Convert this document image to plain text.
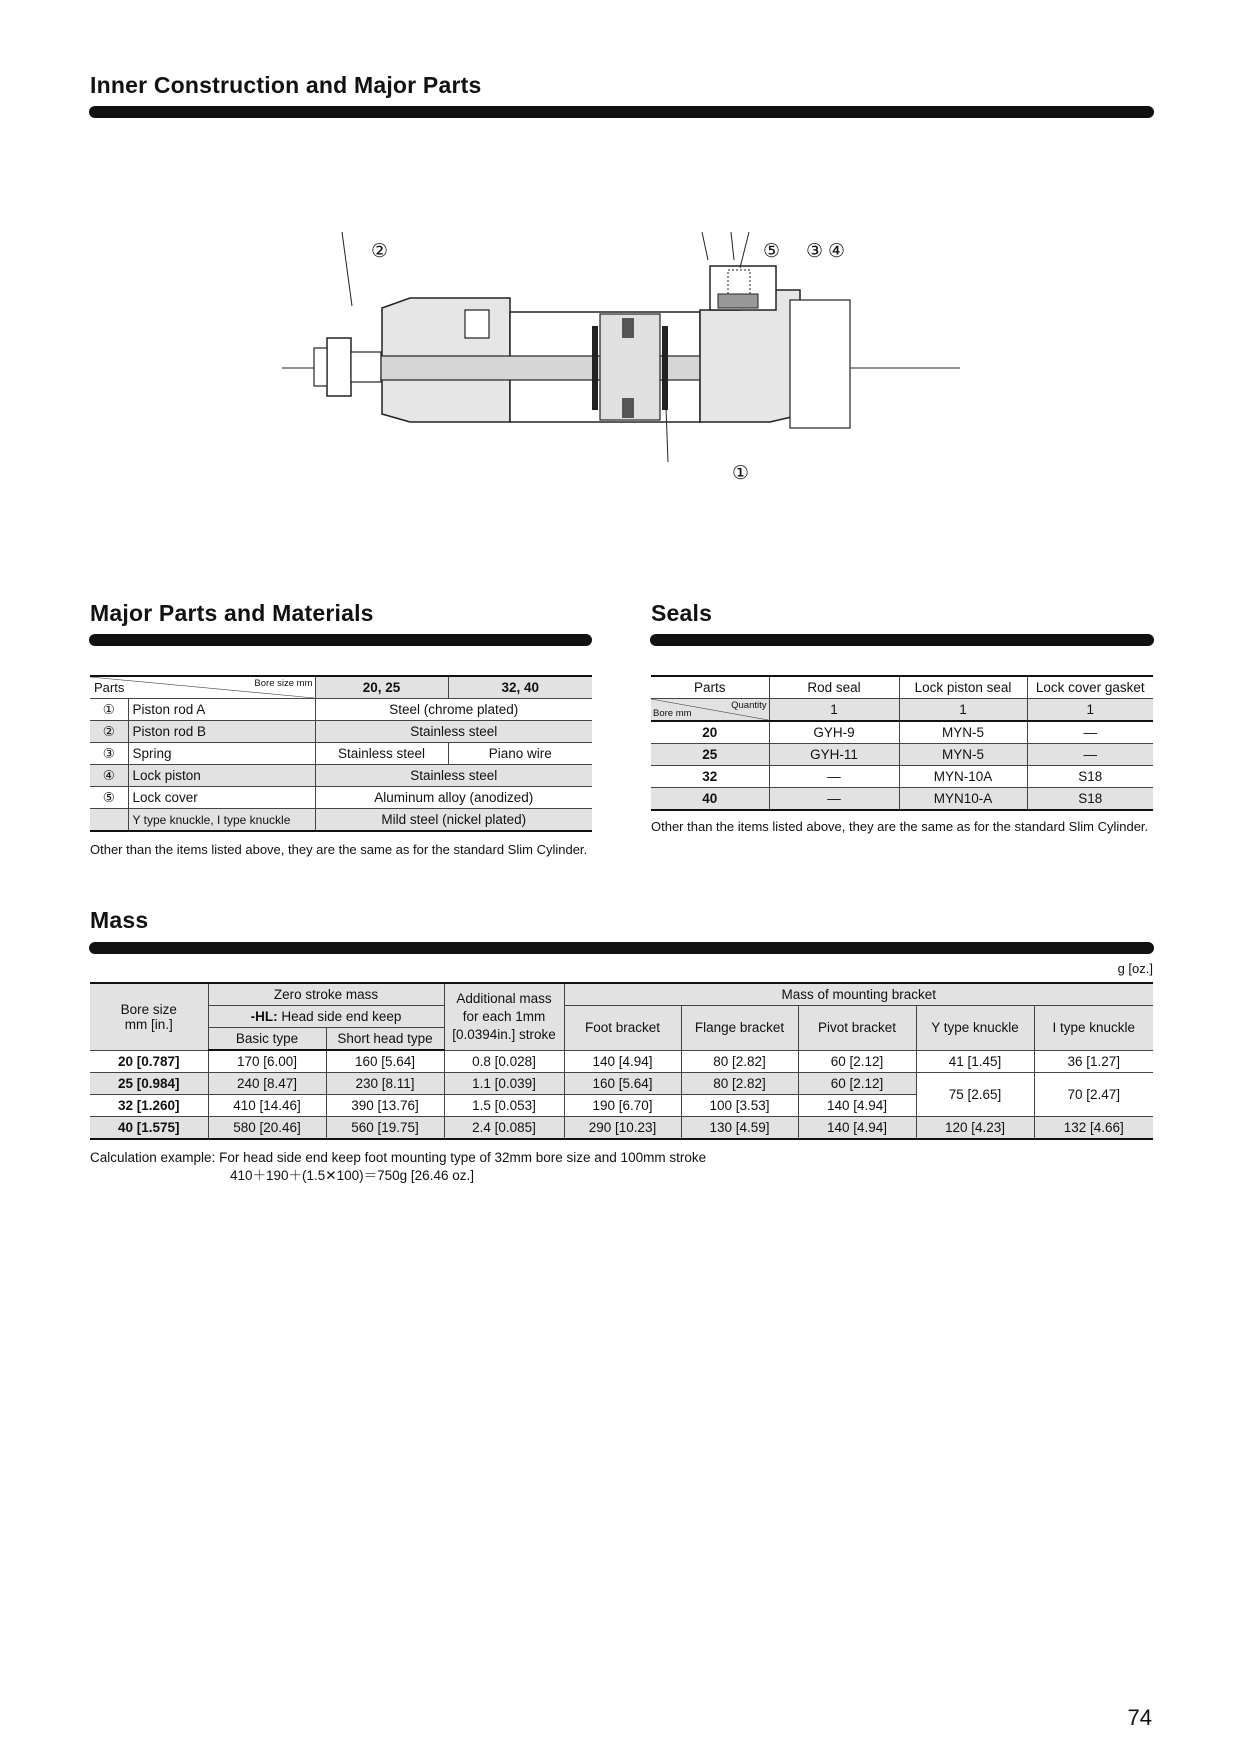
Inner Construction and Major Parts
②	⑤ ③ ④
①
Major Parts and Materials
Parts Bore size mm		20, 25	32, 40
①	Piston rod A	Steel (chrome plated)	
②	Piston rod B	Stainless steel	
③	Spring	Stainless steel	Piano wire
④	Lock piston	Stainless steel	
⑤	Lock cover	Aluminum alloy (anodized)	
	Y type knuckle, I type knuckle	Mild steel (nickel plated)	
Other than the items listed above, they are the same as for the standard Slim Cylinder.
Seals
Parts	Rod seal	Lock piston seal	Lock cover gasket

Bore mm
Quantity	1	1	1
20	GYH-9	MYN-5	—
25	GYH-11	MYN-5	—
32	—	MYN-10A	S18
40	—	MYN10-A	S18
Other than the items listed above, they are the same as for the standard Slim Cylinder.
Mass
g [oz.]
Bore size mm [in.]	Zero stroke mass		Additional mass for each 1mm [0.0394in.] stroke	Mass of mounting bracket				
	-HL: Head side end keep			Foot bracket	Flange bracket	Pivot bracket	Y type knuckle	I type knuckle
	Basic type	Short head type						
20 [0.787]	170 [6.00]	160 [5.64]	0.8 [0.028]	140 [4.94]	80 [2.82]	60 [2.12]	41 [1.45]	36 [1.27]
25 [0.984]	240 [8.47]	230 [8.11]	1.1 [0.039]	160 [5.64]	80 [2.82]	60 [2.12]	75 [2.65]	70 [2.47]
32 [1.260]	410 [14.46]	390 [13.76]	1.5 [0.053]	190 [6.70]	100 [3.53]	140 [4.94]		
40 [1.575]	580 [20.46]	560 [19.75]	2.4 [0.085]	290 [10.23]	130 [4.59]	140 [4.94]	120 [4.23]	132 [4.66]
Calculation example: For head side end keep foot mounting type of 32mm bore size and 100mm stroke
410＋190＋(1.5✕100)＝750g [26.46 oz.]
74
